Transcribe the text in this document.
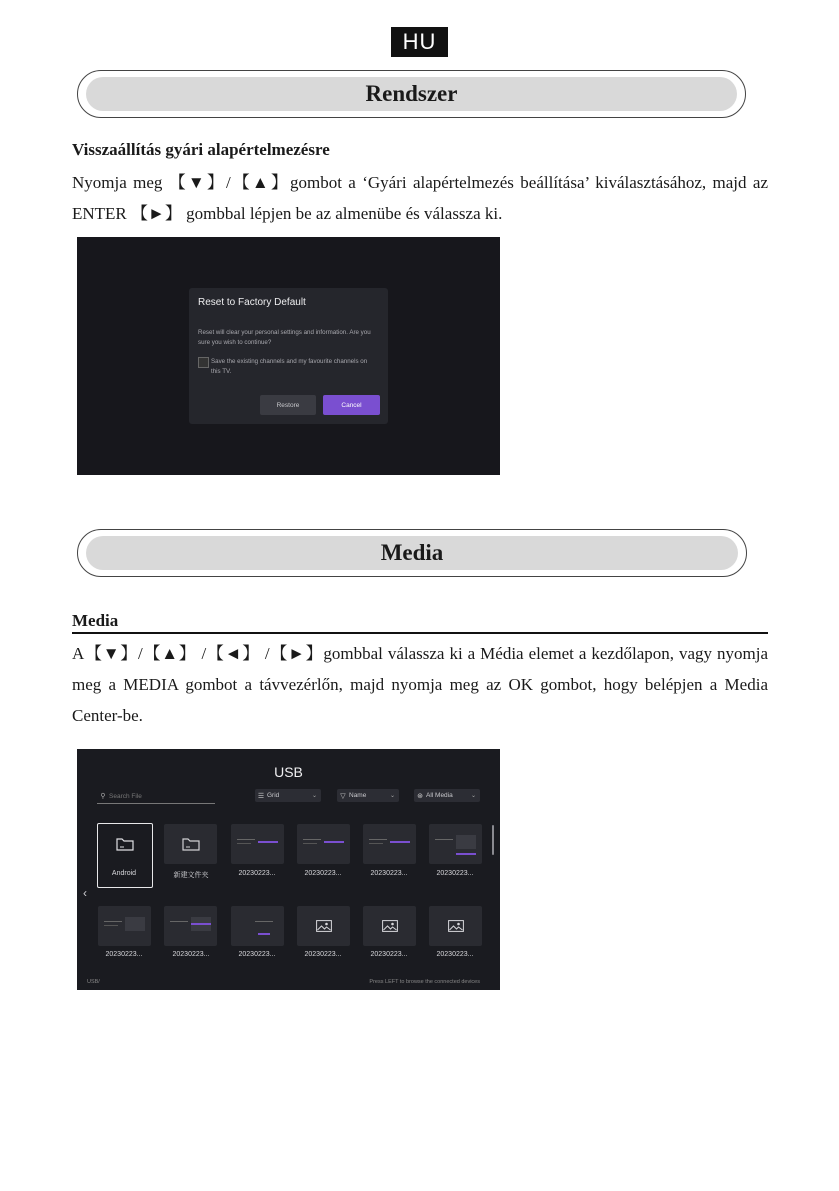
HU
Rendszer
Visszaállítás gyári alapértelmezésre
Nyomja meg 【▼】/【▲】gombot a ‘Gyári alapértelmezés beállítása’ kiválasztásához, majd az ENTER 【►】 gombbal lépjen be az almenübe és válassza ki.
Reset to Factory Default
Reset will clear your personal settings and information. Are you sure you wish to continue?
Save the existing channels and my favourite channels on this TV.
Restore	Cancel
Media
Media
A【▼】/【▲】 /【◄】 /【►】gombbal válassza ki a Média elemet a kezdőlapon, vagy nyomja meg a MEDIA gombot a távvezérlőn, majd nyomja meg az OK gombot, hogy belépjen a Media Center-be.
USB
⚲ Search File	☰ Grid	⌄	▽ Name	⌄	⊛ All Media	⌄
‹
Android	新建文件夹	20230223...	20230223...	20230223...	20230223...
20230223...	20230223...	20230223...	20230223...	20230223...	20230223...
USB/	Press LEFT to browse the connected devices
